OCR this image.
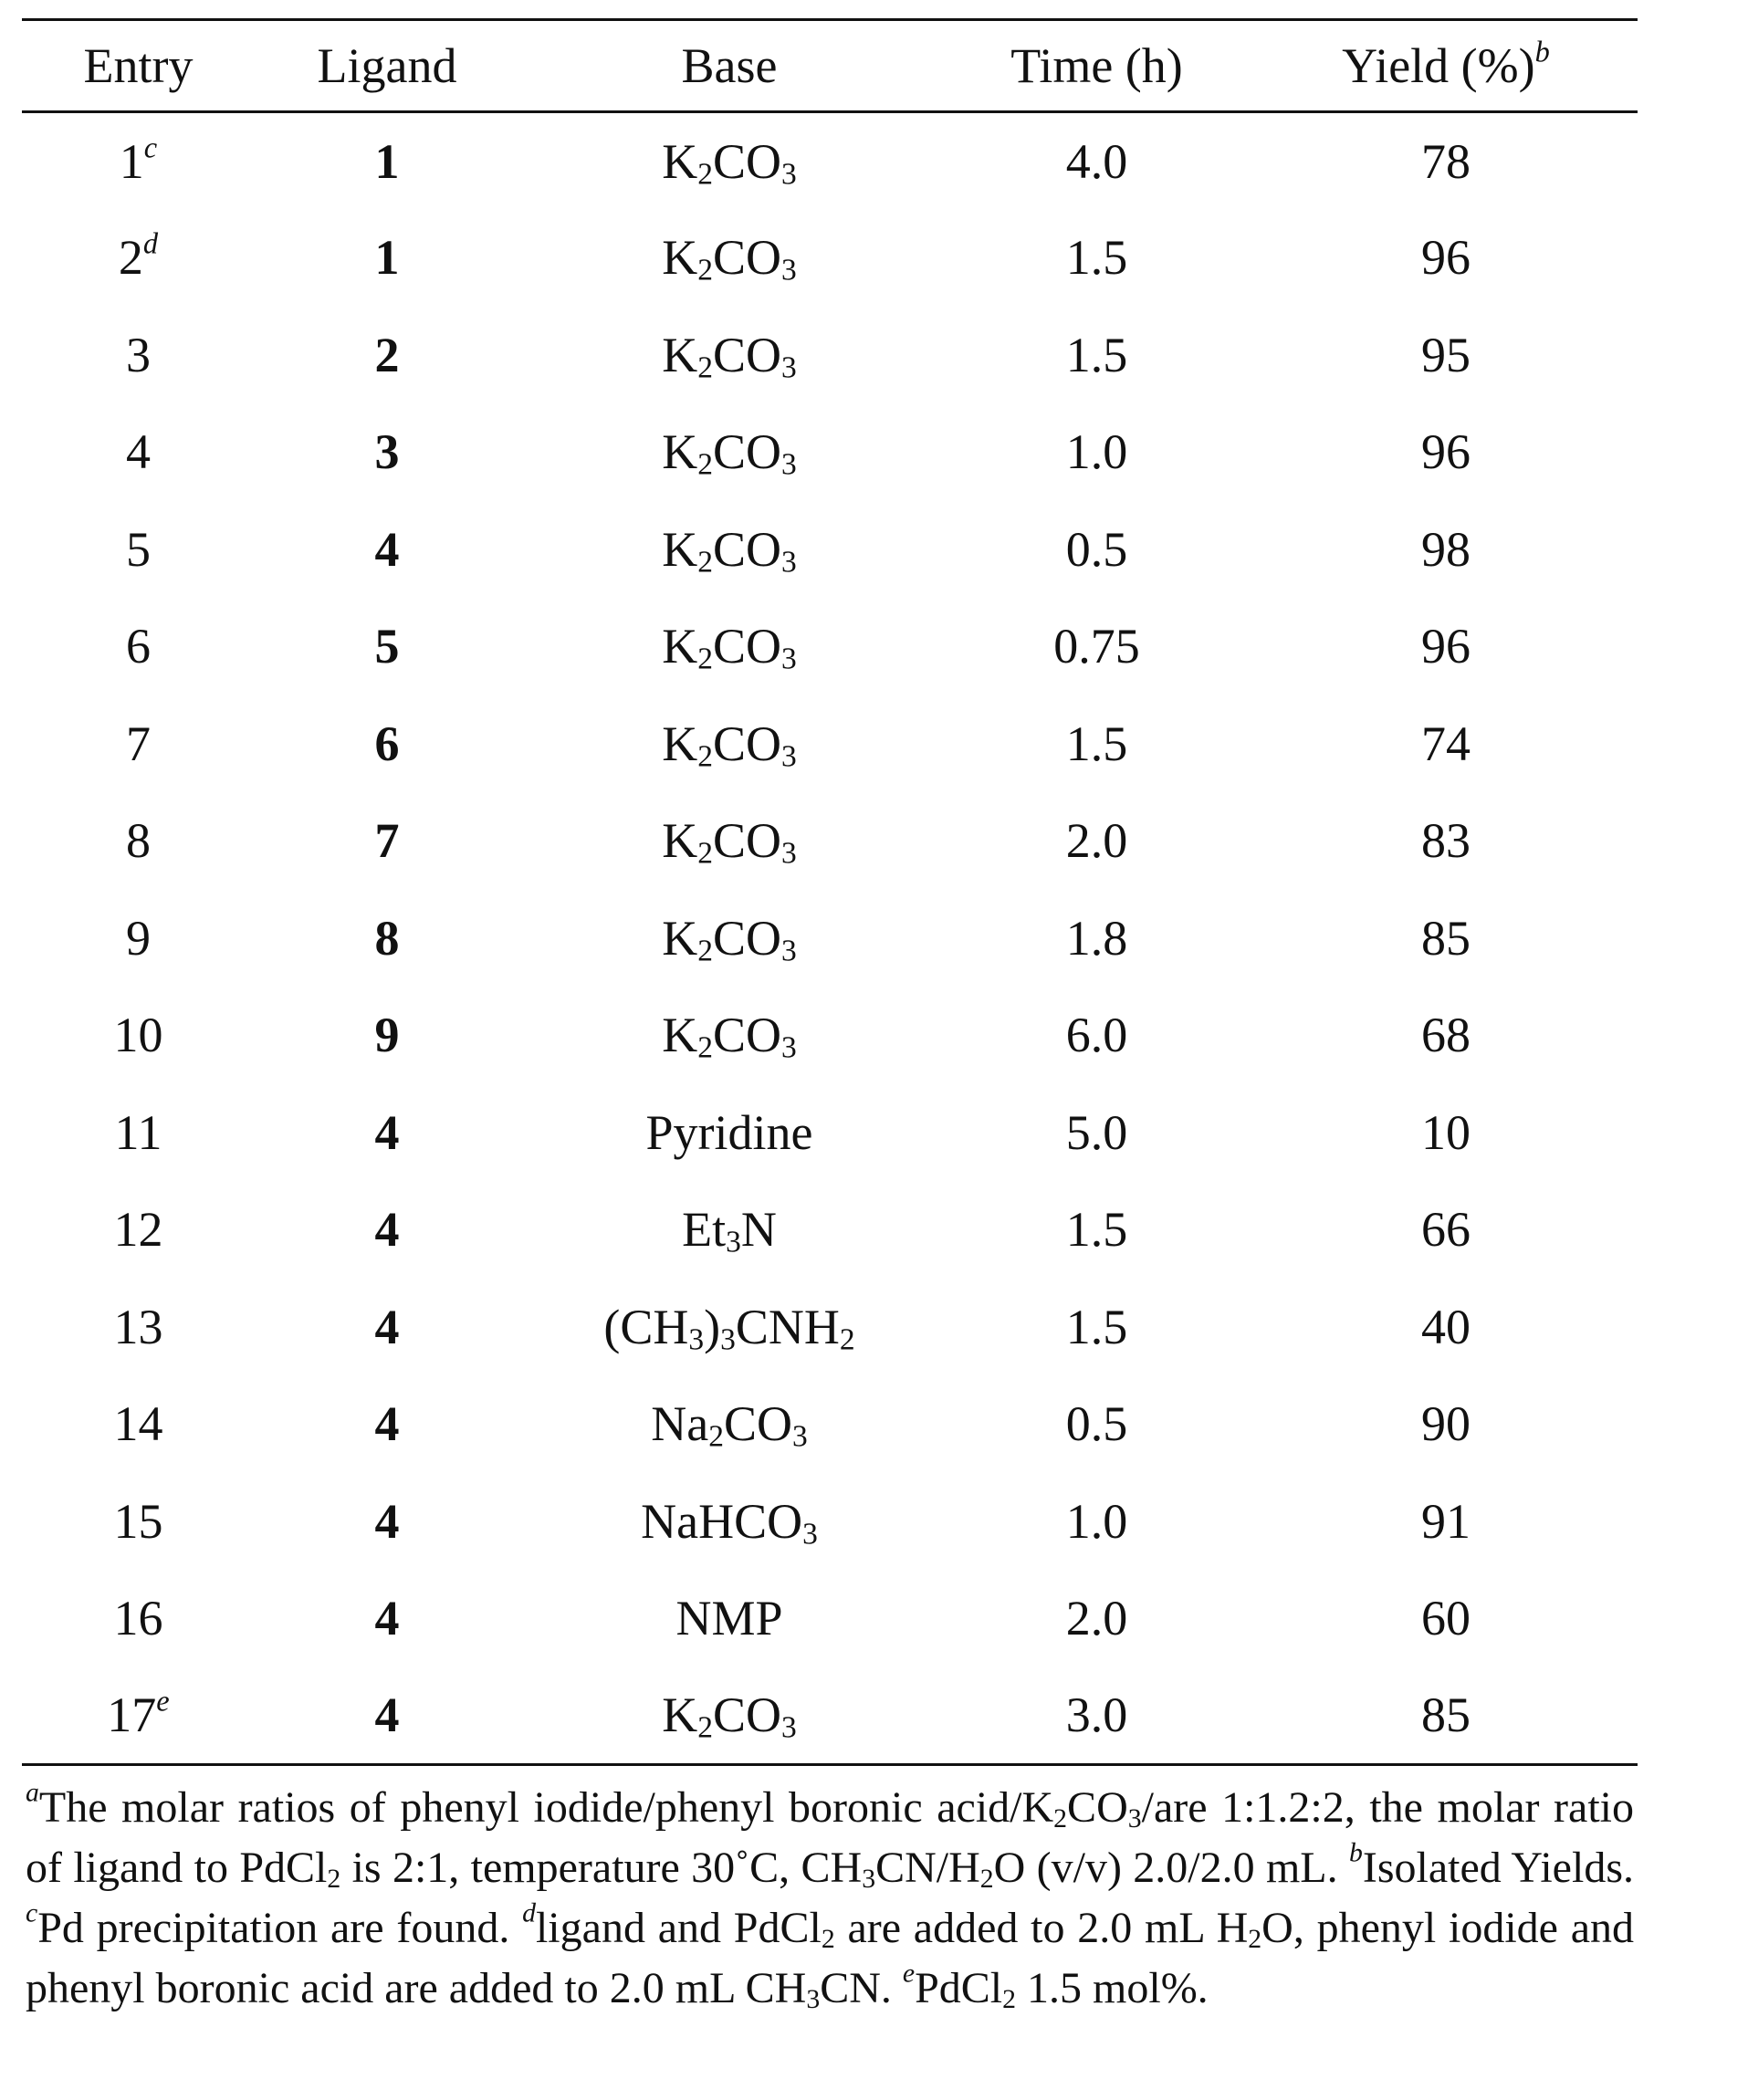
Entry	Ligand	Base	Time (h)	Yield (%)$^b$
1$^c$	1	$K_2CO_3$	4.0	78
2$^d$	1	$K_2CO_3$	1.5	96
3	2	$K_2CO_3$	1.5	95
4	3	$K_2CO_3$	1.0	96
5	4	$K_2CO_3$	0.5	98
6	5	$K_2CO_3$	0.75	96
7	6	$K_2CO_3$	1.5	74
8	7	$K_2CO_3$	2.0	83
9	8	$K_2CO_3$	1.8	85
10	9	$K_2CO_3$	6.0	68
11	4	Pyridine	5.0	10
12	4	$Et_3N$	1.5	66
13	4	$(CH_3)_3CNH_2$	1.5	40
14	4	$Na_2CO_3$	0.5	90
15	4	NaHCO$_3$	1.0	91
16	4	NMP	2.0	60
17e	4	$K_2CO_3$	3.0	85
$^a$The molar ratios of phenyl iodide/phenyl boronic acid/$K_2CO_3$/are 1:1.2:2, the molar ratio of ligand to PdCl$_2$ is 2:1, temperature 30˚C, $CH_3CN/H_2O$ (v/v) 2.0/2.0 mL. $^b$Isolated Yields. $^c$Pd precipitation are found. $^d$ligand and PdCl$_2$ are added to 2.0 mL $H_2O$, phenyl iodide and phenyl boronic acid are added to 2.0 mL $CH_3CN$. $^e$PdCl$_2$ 1.5 mol%.
